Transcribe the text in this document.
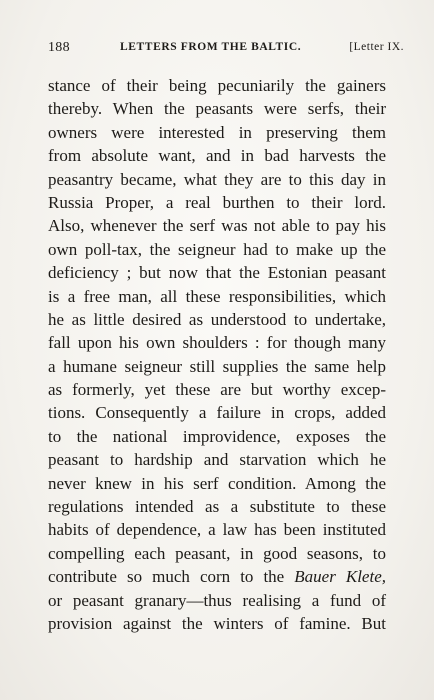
188	LETTERS FROM THE BALTIC.	[Letter IX.
stance of their being pecuniarily the gainers
thereby. When the peasants were serfs, their
owners were interested in preserving them
from absolute want, and in bad harvests the
peasantry became, what they are to this day in
Russia Proper, a real burthen to their lord.
Also, whenever the serf was not able to pay his
own poll-tax, the seigneur had to make up the
deficiency ; but now that the Estonian peasant
is a free man, all these responsibilities, which
he as little desired as understood to undertake,
fall upon his own shoulders : for though many
a humane seigneur still supplies the same help
as formerly, yet these are but worthy excep-
tions. Consequently a failure in crops, added
to the national improvidence, exposes the
peasant to hardship and starvation which he
never knew in his serf condition. Among the
regulations intended as a substitute to these
habits of dependence, a law has been instituted
compelling each peasant, in good seasons, to
contribute so much corn to the Bauer Klete,
or peasant granary—thus realising a fund of
provision against the winters of famine. But
